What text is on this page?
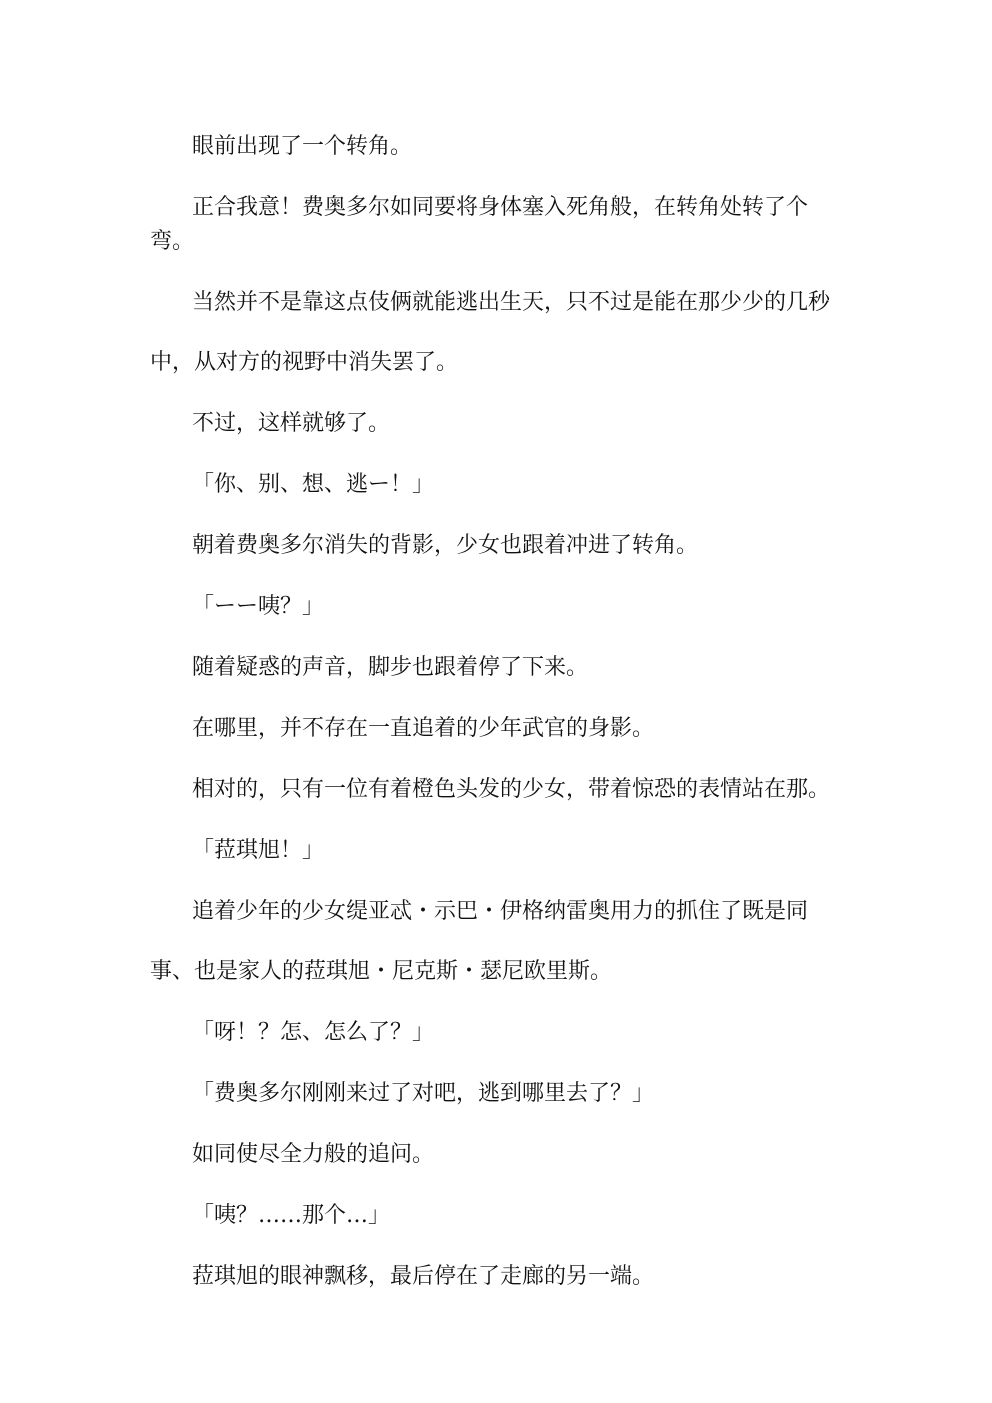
眼前出现了一个转角。

正合我意！费奥多尔如同要将身体塞入死角般，在转角处转了个弯。

当然并不是靠这点伎俩就能逃出生天，只不过是能在那少少的几秒中，从对方的视野中消失罢了。

不过，这样就够了。

「你、别、想、逃ー！」

朝着费奥多尔消失的背影，少女也跟着冲进了转角。

「ーー咦？」

随着疑惑的声音，脚步也跟着停了下来。

在哪里，并不存在一直追着的少年武官的身影。

相对的，只有一位有着橙色头发的少女，带着惊恐的表情站在那。

「菈琪旭！」

追着少年的少女缇亚忒・示巴・伊格纳雷奥用力的抓住了既是同事、也是家人的菈琪旭・尼克斯・瑟尼欧里斯。

「呀！？怎、怎么了？」

「费奥多尔刚刚来过了对吧，逃到哪里去了？」

如同使尽全力般的追问。

「咦？……那个…」

菈琪旭的眼神飘移，最后停在了走廊的另一端。
